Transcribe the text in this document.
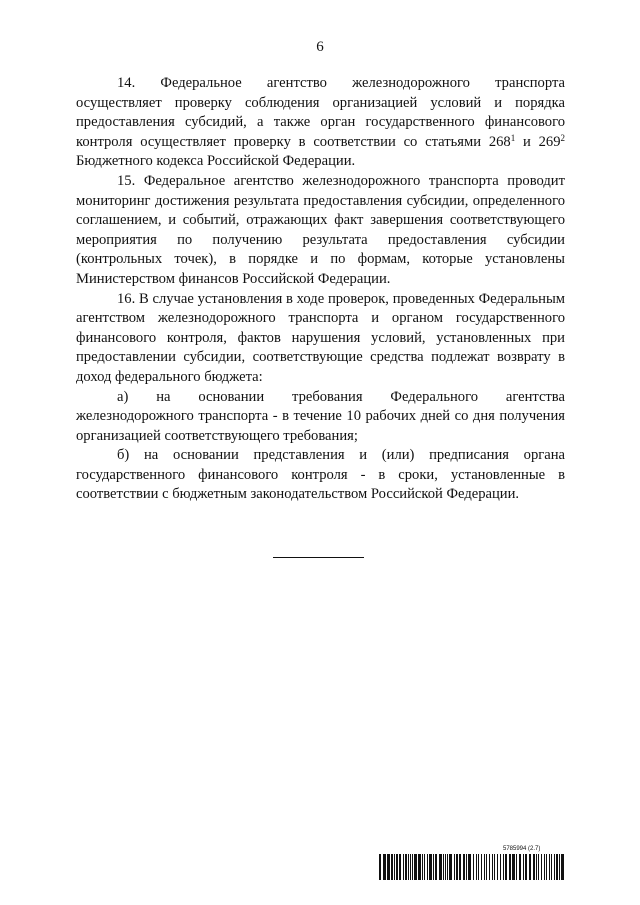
6

14. Федеральное агентство железнодорожного транспорта осуществляет проверку соблюдения организацией условий и порядка предоставления субсидий, а также орган государственного финансового контроля осуществляет проверку в соответствии со статьями $268^1$ и $269^2$ Бюджетного кодекса Российской Федерации.

15. Федеральное агентство железнодорожного транспорта проводит мониторинг достижения результата предоставления субсидии, определенного соглашением, и событий, отражающих факт завершения соответствующего мероприятия по получению результата предоставления субсидии (контрольных точек), в порядке и по формам, которые установлены Министерством финансов Российской Федерации.

16. В случае установления в ходе проверок, проведенных Федеральным агентством железнодорожного транспорта и органом государственного финансового контроля, фактов нарушения условий, установленных при предоставлении субсидии, соответствующие средства подлежат возврату в доход федерального бюджета:

а) на основании требования Федерального агентства железнодорожного транспорта - в течение 10 рабочих дней со дня получения организацией соответствующего требования;

б) на основании представления и (или) предписания органа государственного финансового контроля - в сроки, установленные в соответствии с бюджетным законодательством Российской Федерации.

5785994 (2.7)
